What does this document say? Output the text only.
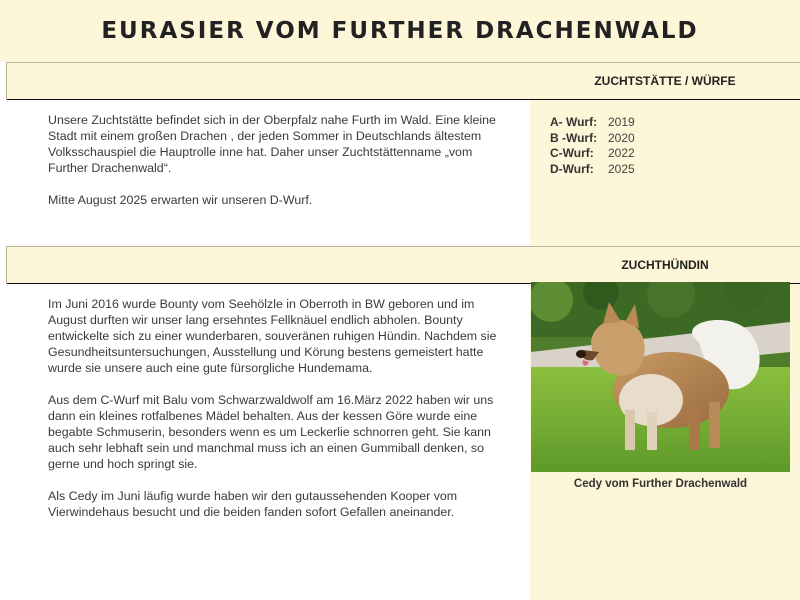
EURASIER VOM FURTHER DRACHENWALD
ZUCHTSTÄTTE / WÜRFE

Unsere Zuchtstätte befindet sich in der Oberpfalz nahe Furth im Wald. Eine kleine Stadt mit einem großen Drachen , der jeden Sommer in Deutschlands ältestem Volksschauspiel die Hauptrolle inne hat. Daher unser Zuchtstättenname „vom Further Drachenwald“.

Mitte August 2025 erwarten wir unseren D-Wurf.

A- Wurf: 2019
B -Wurf: 2020
C-Wurf:	2022
D-Wurf:	2025
ZUCHTHÜNDIN

Im Juni 2016 wurde Bounty vom Seehölzle in Oberroth in BW geboren und im August durften wir unser lang ersehntes Fellknäuel endlich abholen. Bounty entwickelte sich zu einer wunderbaren, souveränen ruhigen Hündin. Nachdem sie Gesundheitsuntersuchungen, Ausstellung und Körung bestens gemeistert hatte wurde sie unsere auch eine gute fürsorgliche Hundemama.

Aus dem C-Wurf mit Balu vom Schwarzwaldwolf am 16.März 2022 haben wir uns dann ein kleines rotfalbenes Mädel behalten. Aus der kessen Göre wurde eine begabte Schmuserin, besonders wenn es um Leckerlie schnorren geht. Sie kann auch sehr lebhaft sein und manchmal muss ich an einen Gummiball denken, so gerne und hoch springt sie.

Als Cedy im Juni läufig wurde haben wir den gutaussehenden Kooper vom Vierwindehaus besucht und die beiden fanden sofort Gefallen aneinander.

Cedy vom Further Drachenwald
